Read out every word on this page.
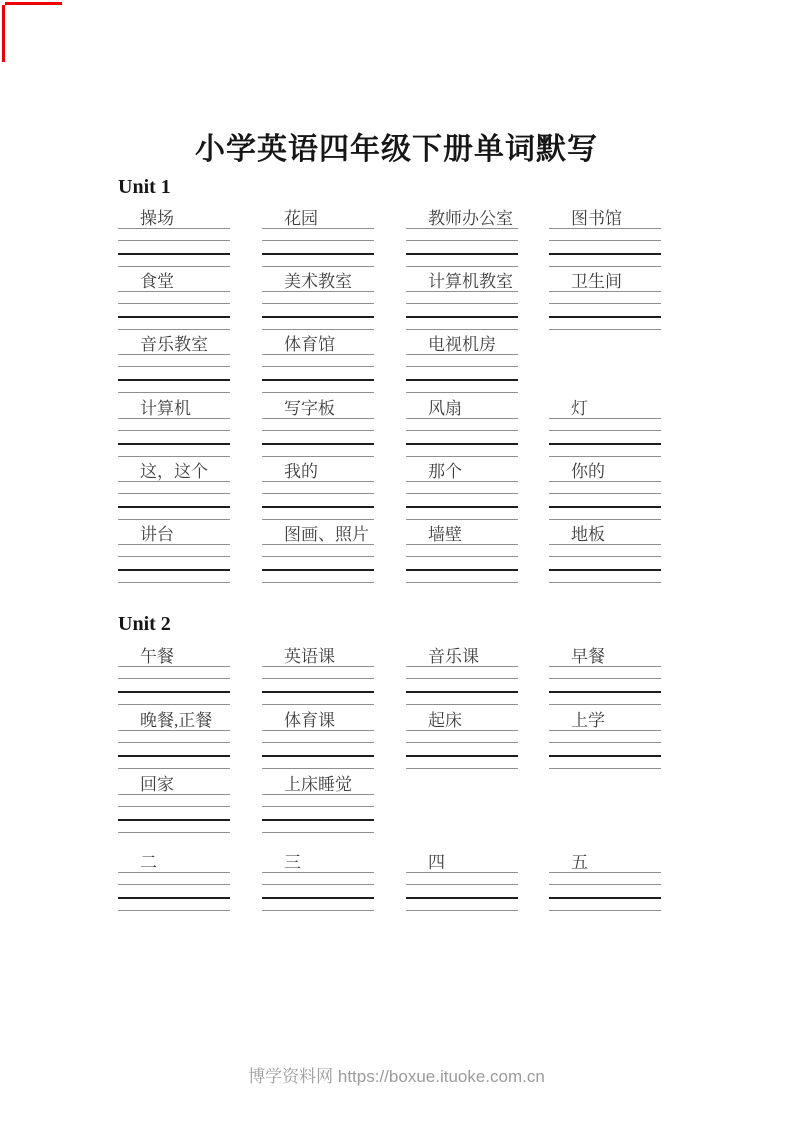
小学英语四年级下册单词默写
Unit 1
操场	花园	教师办公室	图书馆
食堂	美术教室	计算机教室	卫生间
音乐教室	体育馆	电视机房
计算机	写字板	风扇	灯
这，这个	我的	那个	你的
讲台	图画、照片	墙壁	地板
Unit 2
午餐	英语课	音乐课	早餐
晚餐,正餐	体育课	起床	上学
回家	上床睡觉
二	三	四	五
博学资料网 https://boxue.ituoke.com.cn
